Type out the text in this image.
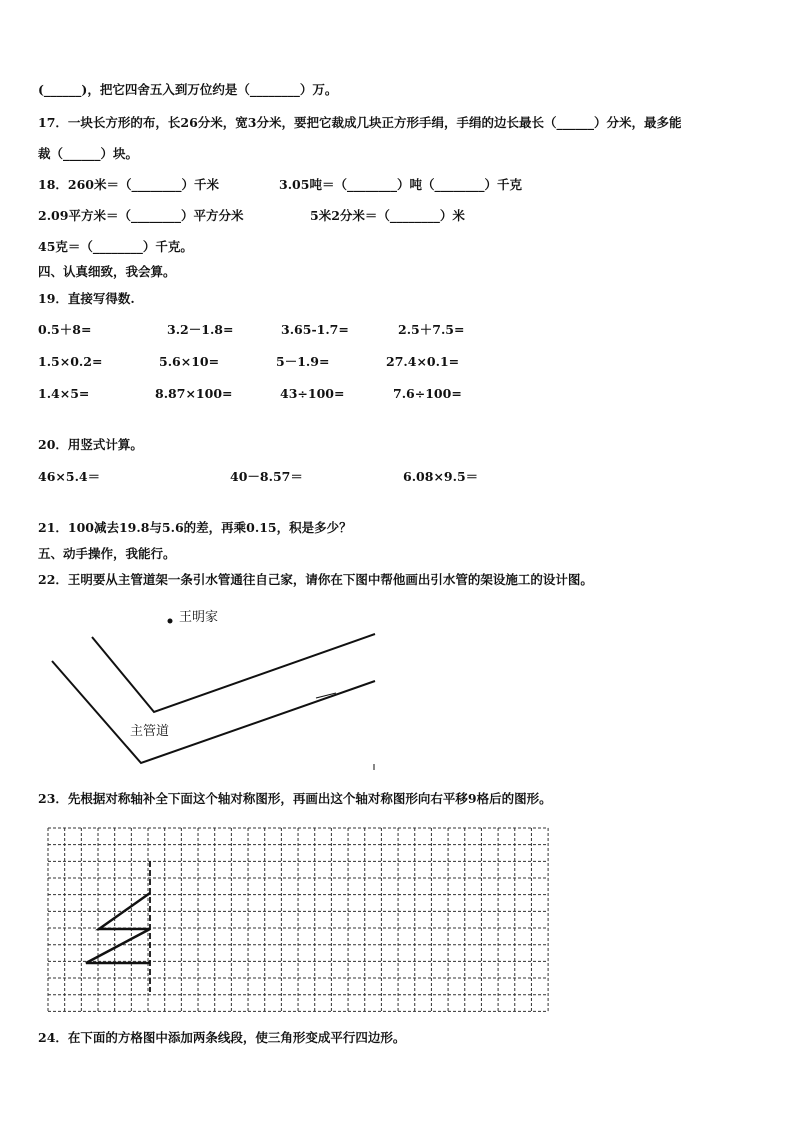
(______)，把它四舍五入到万位约是（________）万。
17．一块长方形的布，长26分米，宽3分米，要把它裁成几块正方形手绢，手绢的边长最长（______）分米，最多能
裁（______）块。
18．260米＝（________）千米	3.05吨＝（________）吨（________）千克
2.09平方米＝（________）平方分米	5米2分米＝（________）米
45克＝（________）千克。
四、认真细致，我会算。
19．直接写得数.
0.5＋8=	3.2－1.8=	3.65-1.7=	2.5＋7.5=
1.5×0.2=	5.6×10=	5－1.9=	27.4×0.1=
1.4×5=	8.87×100=	43÷100=	7.6÷100=
20．用竖式计算。
46×5.4＝	40－8.57＝	6.08×9.5＝
21．100减去19.8与5.6的差，再乘0.15，积是多少？
五、动手操作，我能行。
22．王明要从主管道架一条引水管通往自己家，请你在下图中帮他画出引水管的架设施工的设计图。
王明家
主管道
23．先根据对称轴补全下面这个轴对称图形，再画出这个轴对称图形向右平移9格后的图形。
24．在下面的方格图中添加两条线段，使三角形变成平行四边形。
